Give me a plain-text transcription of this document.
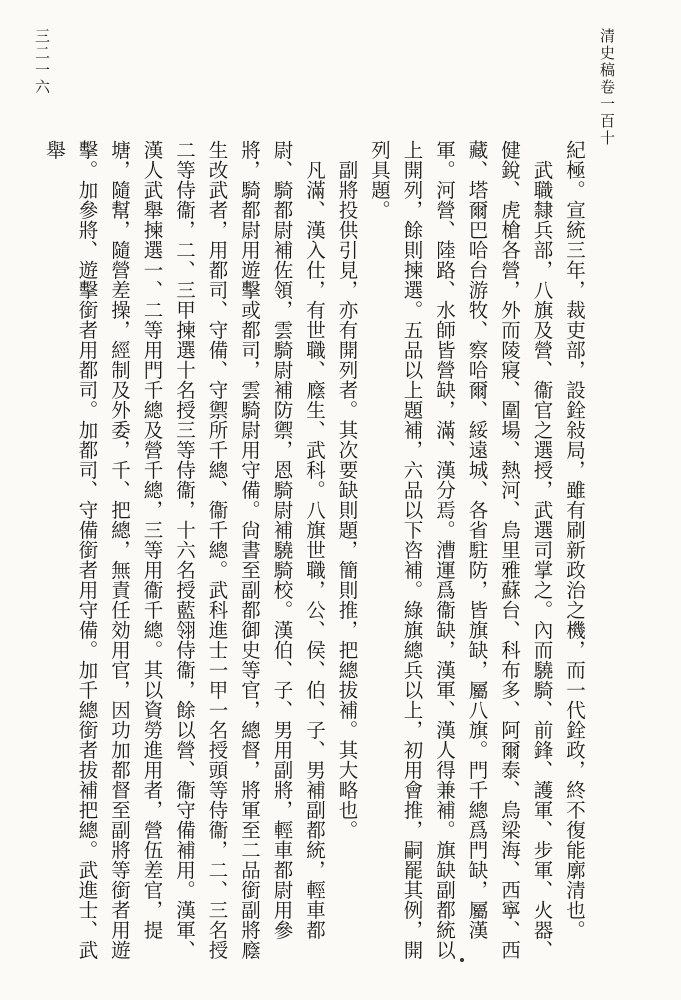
清史稿卷一百十
三二一六

紀極。宣統三年，裁吏部，設銓敍局，雖有刷新政治之機，而一代銓政，終不復能廓清也。

武職隸兵部，八旗及營、衞官之選授，武選司掌之。內而驍騎、前鋒、護軍、步軍、火器、健銳、虎槍各營，外而陵寢、圍場、熱河、烏里雅蘇台、科布多、阿爾泰、烏梁海、西寧、西藏、塔爾巴哈台游牧、察哈爾、綏遠城、各省駐防，皆旗缺，屬八旗。門千總爲門缺，屬漢軍。河營、陸路、水師皆營缺，滿、漢分焉。漕運爲衞缺，漢軍、漢人得兼補。旗缺副都統以上開列，餘則揀選。五品以上題補，六品以下咨補。綠旗總兵以上，初用會推，嗣罷其例，開列具題。

副將投供引見，亦有開列者。其次要缺則題，簡則推，把總拔補。其大略也。

凡滿、漢入仕，有世職、廕生、武科。八旗世職，公、侯、伯、子、男補副都統，輕車都尉、騎都尉補佐領，雲騎尉補防禦，恩騎尉補驍騎校。漢伯、子、男用副將，輕車都尉用參將，騎都尉用遊擊或都司，雲騎尉用守備。尙書至副都御史等官，總督，將軍至二品銜副將廕生改武者，用都司、守備、守禦所千總、衞千總。武科進士一甲一名授頭等侍衞，二、三名授二等侍衞，二、三甲揀選十名授三等侍衞，十六名授藍翎侍衞，餘以營、衞守備補用。漢軍、漢人武舉揀選一、二等用門千總及營千總，三等用衞千總。其以資勞進用者，營伍差官，提塘，隨幫，隨營差操，經制及外委，千、把總，無責任効用官，因功加都督至副將等銜者用遊擊。加參將、遊擊銜者用都司。加都司、守備銜者用守備。加千總銜者拔補把總。武進士、武舉
